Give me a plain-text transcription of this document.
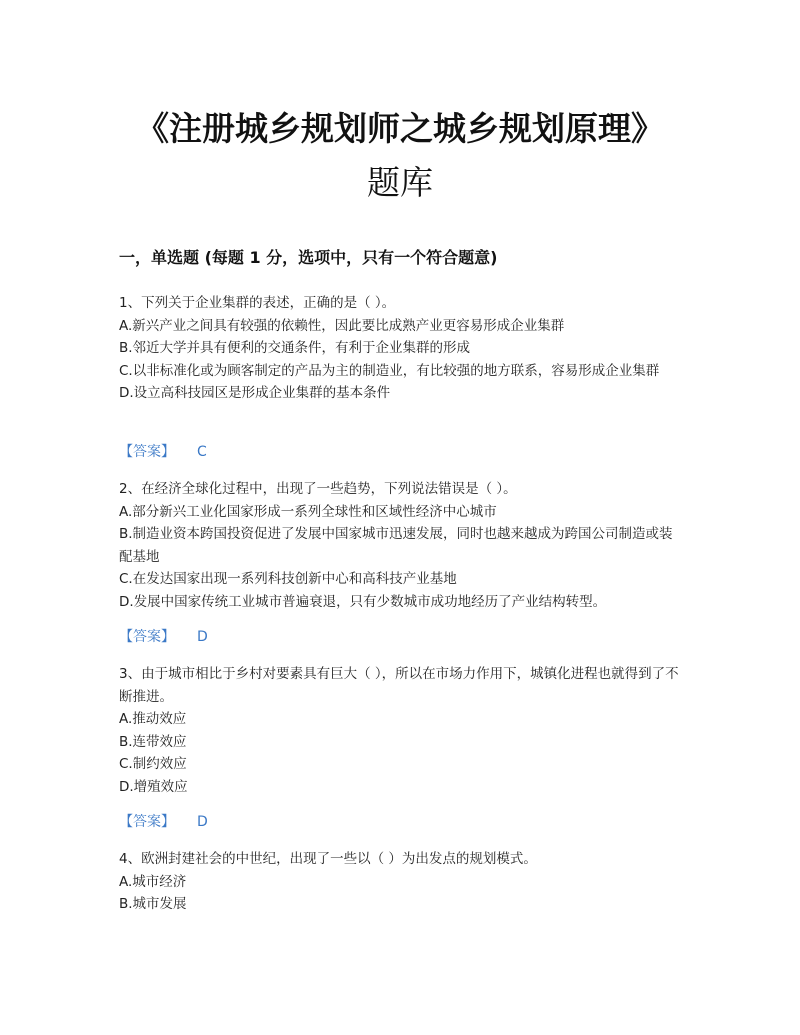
《注册城乡规划师之城乡规划原理》
题库
一，单选题 (每题 1 分，选项中，只有一个符合题意)
1、下列关于企业集群的表述，正确的是（ ）。
A.新兴产业之间具有较强的依赖性，因此要比成熟产业更容易形成企业集群
B.邻近大学并具有便利的交通条件，有利于企业集群的形成
C.以非标准化或为顾客制定的产品为主的制造业，有比较强的地方联系，容易形成企业集群
D.设立高科技园区是形成企业集群的基本条件
【答案】 C
2、在经济全球化过程中，出现了一些趋势，下列说法错误是（ ）。
A.部分新兴工业化国家形成一系列全球性和区域性经济中心城市
B.制造业资本跨国投资促进了发展中国家城市迅速发展，同时也越来越成为跨国公司制造或装配基地
C.在发达国家出现一系列科技创新中心和高科技产业基地
D.发展中国家传统工业城市普遍衰退，只有少数城市成功地经历了产业结构转型。
【答案】 D
3、由于城市相比于乡村对要素具有巨大（ ），所以在市场力作用下，城镇化进程也就得到了不断推进。
A.推动效应
B.连带效应
C.制约效应
D.增殖效应
【答案】 D
4、欧洲封建社会的中世纪，出现了一些以（ ）为出发点的规划模式。
A.城市经济
B.城市发展
